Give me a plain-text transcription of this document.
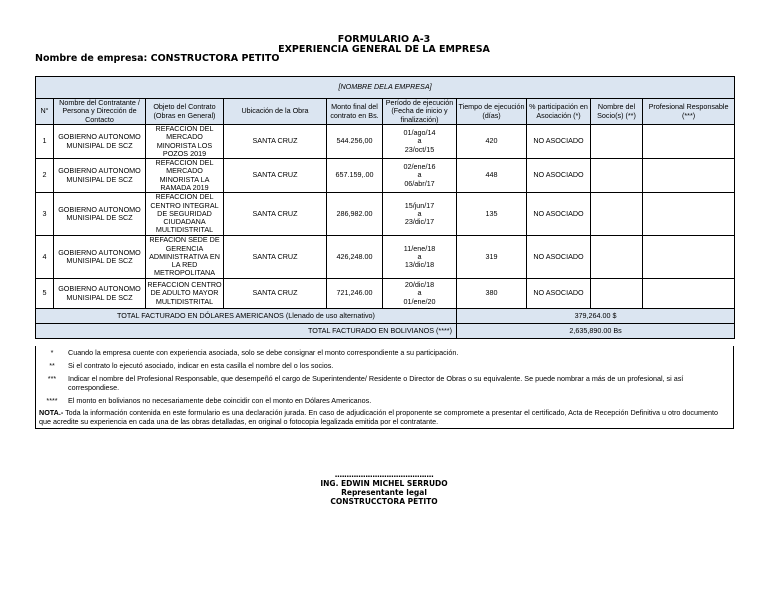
FORMULARIO A-3
EXPERIENCIA GENERAL DE LA EMPRESA
Nombre de empresa: CONSTRUCTORA PETITO
[NOMBRE DELA EMPRESA]									
N°	Nombre del Contratante / Persona y Dirección de Contacto	Objeto del Contrato (Obras en General)	Ubicación de la Obra	Monto final del contrato en Bs.	Período de ejecución (Fecha de inicio y finalización)	Tiempo de ejecución (días)	% participación en Asociación (*)	Nombre del Socio(s) (**)	Profesional Responsable (***)
1	GOBIERNO AUTONOMO MUNISIPAL DE SCZ	REFACCION DEL MERCADO MINORISTA LOS POZOS 2019	SANTA CRUZ	544.256,00	01/ago/14
a
23/oct/15	420	NO ASOCIADO		
2	GOBIERNO AUTONOMO MUNISIPAL DE SCZ	REFACCION DEL MERCADO MINORISTA LA RAMADA 2019	SANTA CRUZ	657.159,.00	02/ene/16
a
06/abr/17	448	NO ASOCIADO		
3	GOBIERNO AUTONOMO MUNISIPAL DE SCZ	REFACCION DEL CENTRO INTEGRAL DE SEGURIDAD CIUDADANA MULTIDISTRITAL	SANTA CRUZ	286,982.00	15/jun/17
a
23/dic/17	135	NO ASOCIADO		
4	GOBIERNO AUTONOMO MUNISIPAL DE SCZ	REFACION SEDE DE GERENCIA ADMINISTRATIVA EN LA RED METROPOLITANA	SANTA CRUZ	426,248.00	11/ene/18
a
13/dic/18	319	NO ASOCIADO		
5	GOBIERNO AUTONOMO MUNISIPAL DE SCZ	REFACCION CENTRO DE ADULTO MAYOR MULTIDISTRITAL	SANTA CRUZ	721,246.00	20/dic/18
a
01/ene/20	380	NO ASOCIADO		
TOTAL FACTURADO EN DÓLARES AMERICANOS (Llenado de uso alternativo)						379,264.00 $			
TOTAL FACTURADO EN BOLIVIANOS (****)						2,635,890.00 Bs			
*	Cuando la empresa cuente con experiencia asociada, solo se debe consignar el monto correspondiente a su participación.
**	Si el contrato lo ejecutó asociado, indicar en esta casilla el nombre del o los socios.
***	Indicar el nombre del Profesional Responsable, que desempeñó el cargo de Superintendente/ Residente o Director de Obras o su equivalente. Se puede nombrar a más de un profesional, si así correspondiese.
****	El monto en bolivianos no necesariamente debe coincidir con el monto en Dólares Americanos.
NOTA.- Toda la información contenida en este formulario es una declaración jurada. En caso de adjudicación el proponente se compromete a presentar el certificado, Acta de Recepción Definitiva u otro documento que acredite su experiencia en cada una de las obras detalladas, en original o fotocopia legalizada emitida por el contratante.
..........................................
ING. EDWIN MICHEL SERRUDO
Representante legal
CONSTRUCCTORA PETITO
